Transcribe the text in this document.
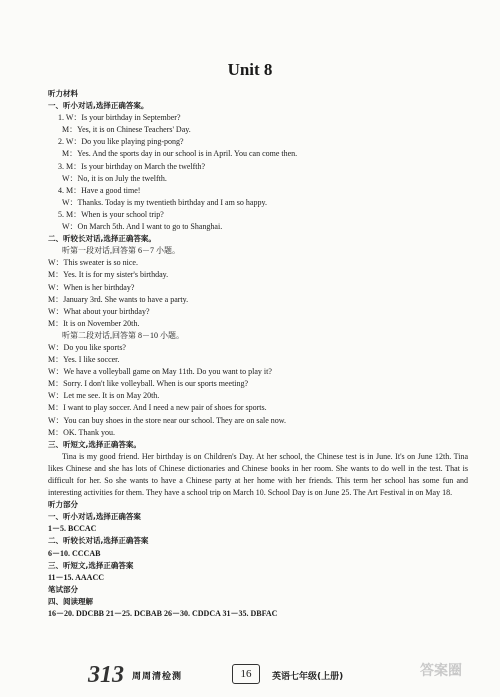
Unit 8
听力材料
一、听小对话,选择正确答案。
1. W：Is your birthday in September?
M：Yes, it is on Chinese Teachers' Day.
2. W：Do you like playing ping-pong?
M：Yes. And the sports day in our school is in April. You can come then.
3. M：Is your birthday on March the twelfth?
W：No, it is on July the twelfth.
4. M：Have a good time!
W：Thanks. Today is my twentieth birthday and I am so happy.
5. M：When is your school trip?
W：On March 5th. And I want to go to Shanghai.
二、听较长对话,选择正确答案。
听第一段对话,回答第 6－7 小题。
W：This sweater is so nice.
M：Yes. It is for my sister's birthday.
W：When is her birthday?
M：January 3rd. She wants to have a party.
W：What about your birthday?
M：It is on November 20th.
听第二段对话,回答第 8－10 小题。
W：Do you like sports?
M：Yes. I like soccer.
W：We have a volleyball game on May 11th. Do you want to play it?
M：Sorry. I don't like volleyball. When is our sports meeting?
W：Let me see. It is on May 20th.
M：I want to play soccer. And I need a new pair of shoes for sports.
W：You can buy shoes in the store near our school. They are on sale now.
M：OK. Thank you.
三、听短文,选择正确答案。
Tina is my good friend. Her birthday is on Children's Day. At her school, the Chinese test is in June. It's on June 12th. Tina likes Chinese and she has lots of Chinese dictionaries and Chinese books in her room. She wants to do well in the test. That is difficult for her. So she wants to have a Chinese party at her home with her friends. This term her school has some fun and interesting activities for them. They have a school trip on March 10. School Day is on June 25. The Art Festival in on May 18.
听力部分
一、听小对话,选择正确答案
1－5. BCCAC
二、听较长对话,选择正确答案
6－10. CCCAB
三、听短文,选择正确答案
11－15. AAACC
笔试部分
四、阅读理解
16－20. DDCBB 21－25. DCBAB 26－30. CDDCA 31－35. DBFAC
313 周周清检测	16	英语七年级(上册)	答案圈
